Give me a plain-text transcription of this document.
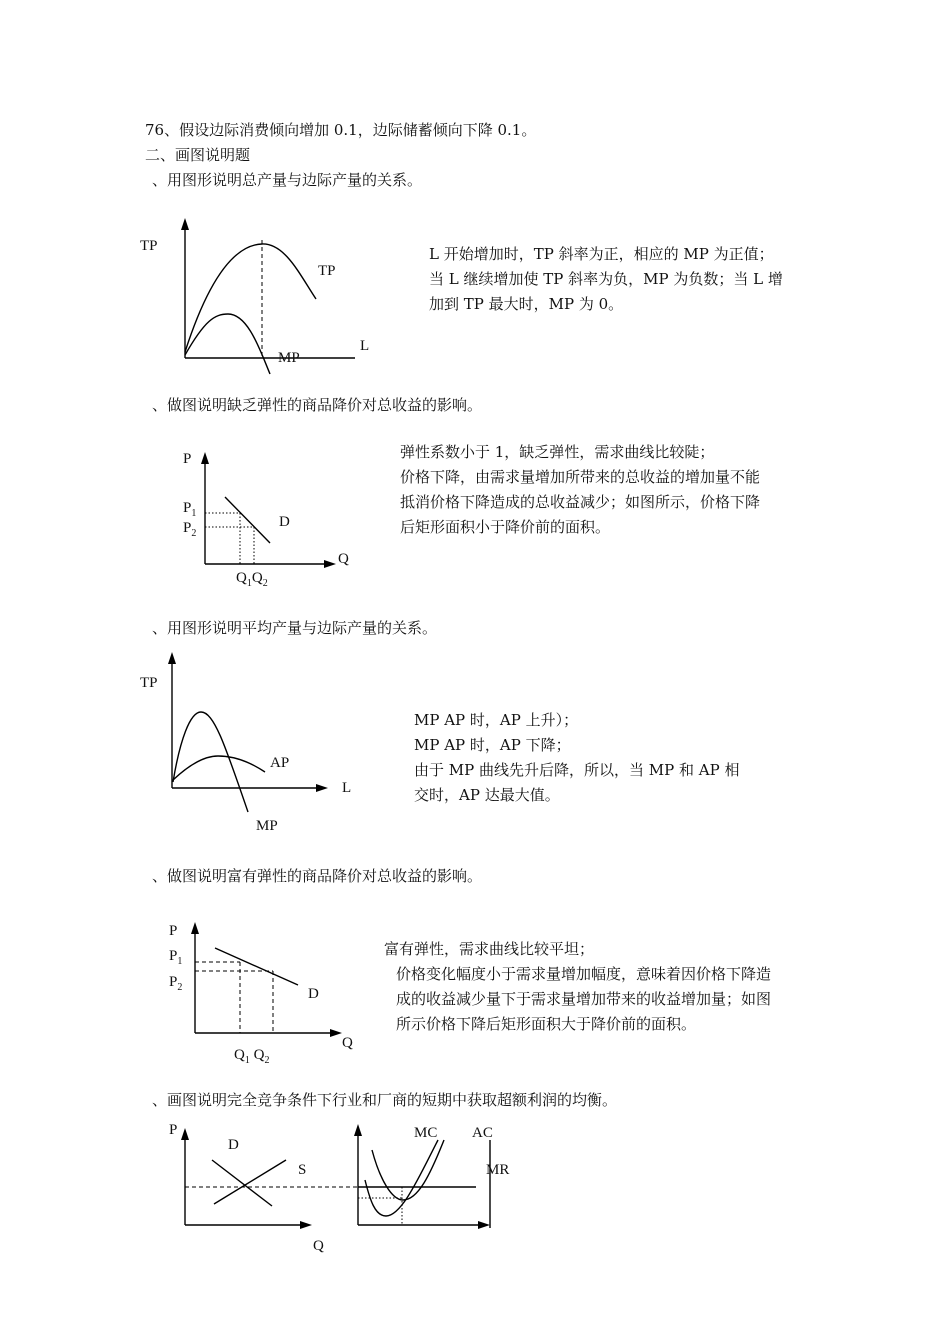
76、假设边际消费倾向增加 0.1，边际储蓄倾向下降 0.1。
二、画图说明题
、用图形说明总产量与边际产量的关系。
TP
TP
L
MP
L 开始增加时，TP 斜率为正，相应的 MP 为正值；
当 L 继续增加使 TP 斜率为负，MP 为负数；当 L 增
加到 TP 最大时，MP 为 0。
、做图说明缺乏弹性的商品降价对总收益的影响。
P
$P_1$
$P_2$
D
Q
$Q_1Q_2$
弹性系数小于 1，缺乏弹性，需求曲线比较陡；
价格下降，由需求量增加所带来的总收益的增加量不能
抵消价格下降造成的总收益减少；如图所示，价格下降
后矩形面积小于降价前的面积。
、用图形说明平均产量与边际产量的关系。
TP
AP
L
MP
MP AP 时，AP 上升）；
MP AP 时，AP 下降；
由于 MP 曲线先升后降，所以，当 MP 和 AP 相
交时，AP 达最大值。
、做图说明富有弹性的商品降价对总收益的影响。
P
$P_1$
$P_2$	D
Q
$Q_1$ $Q_2$
富有弹性，需求曲线比较平坦；
价格变化幅度小于需求量增加幅度，意味着因价格下降造
成的收益减少量下于需求量增加带来的收益增加量；如图
所示价格下降后矩形面积大于降价前的面积。
、画图说明完全竞争条件下行业和厂商的短期中获取超额利润的均衡。
P
D
S
Q
MC AC
MR
